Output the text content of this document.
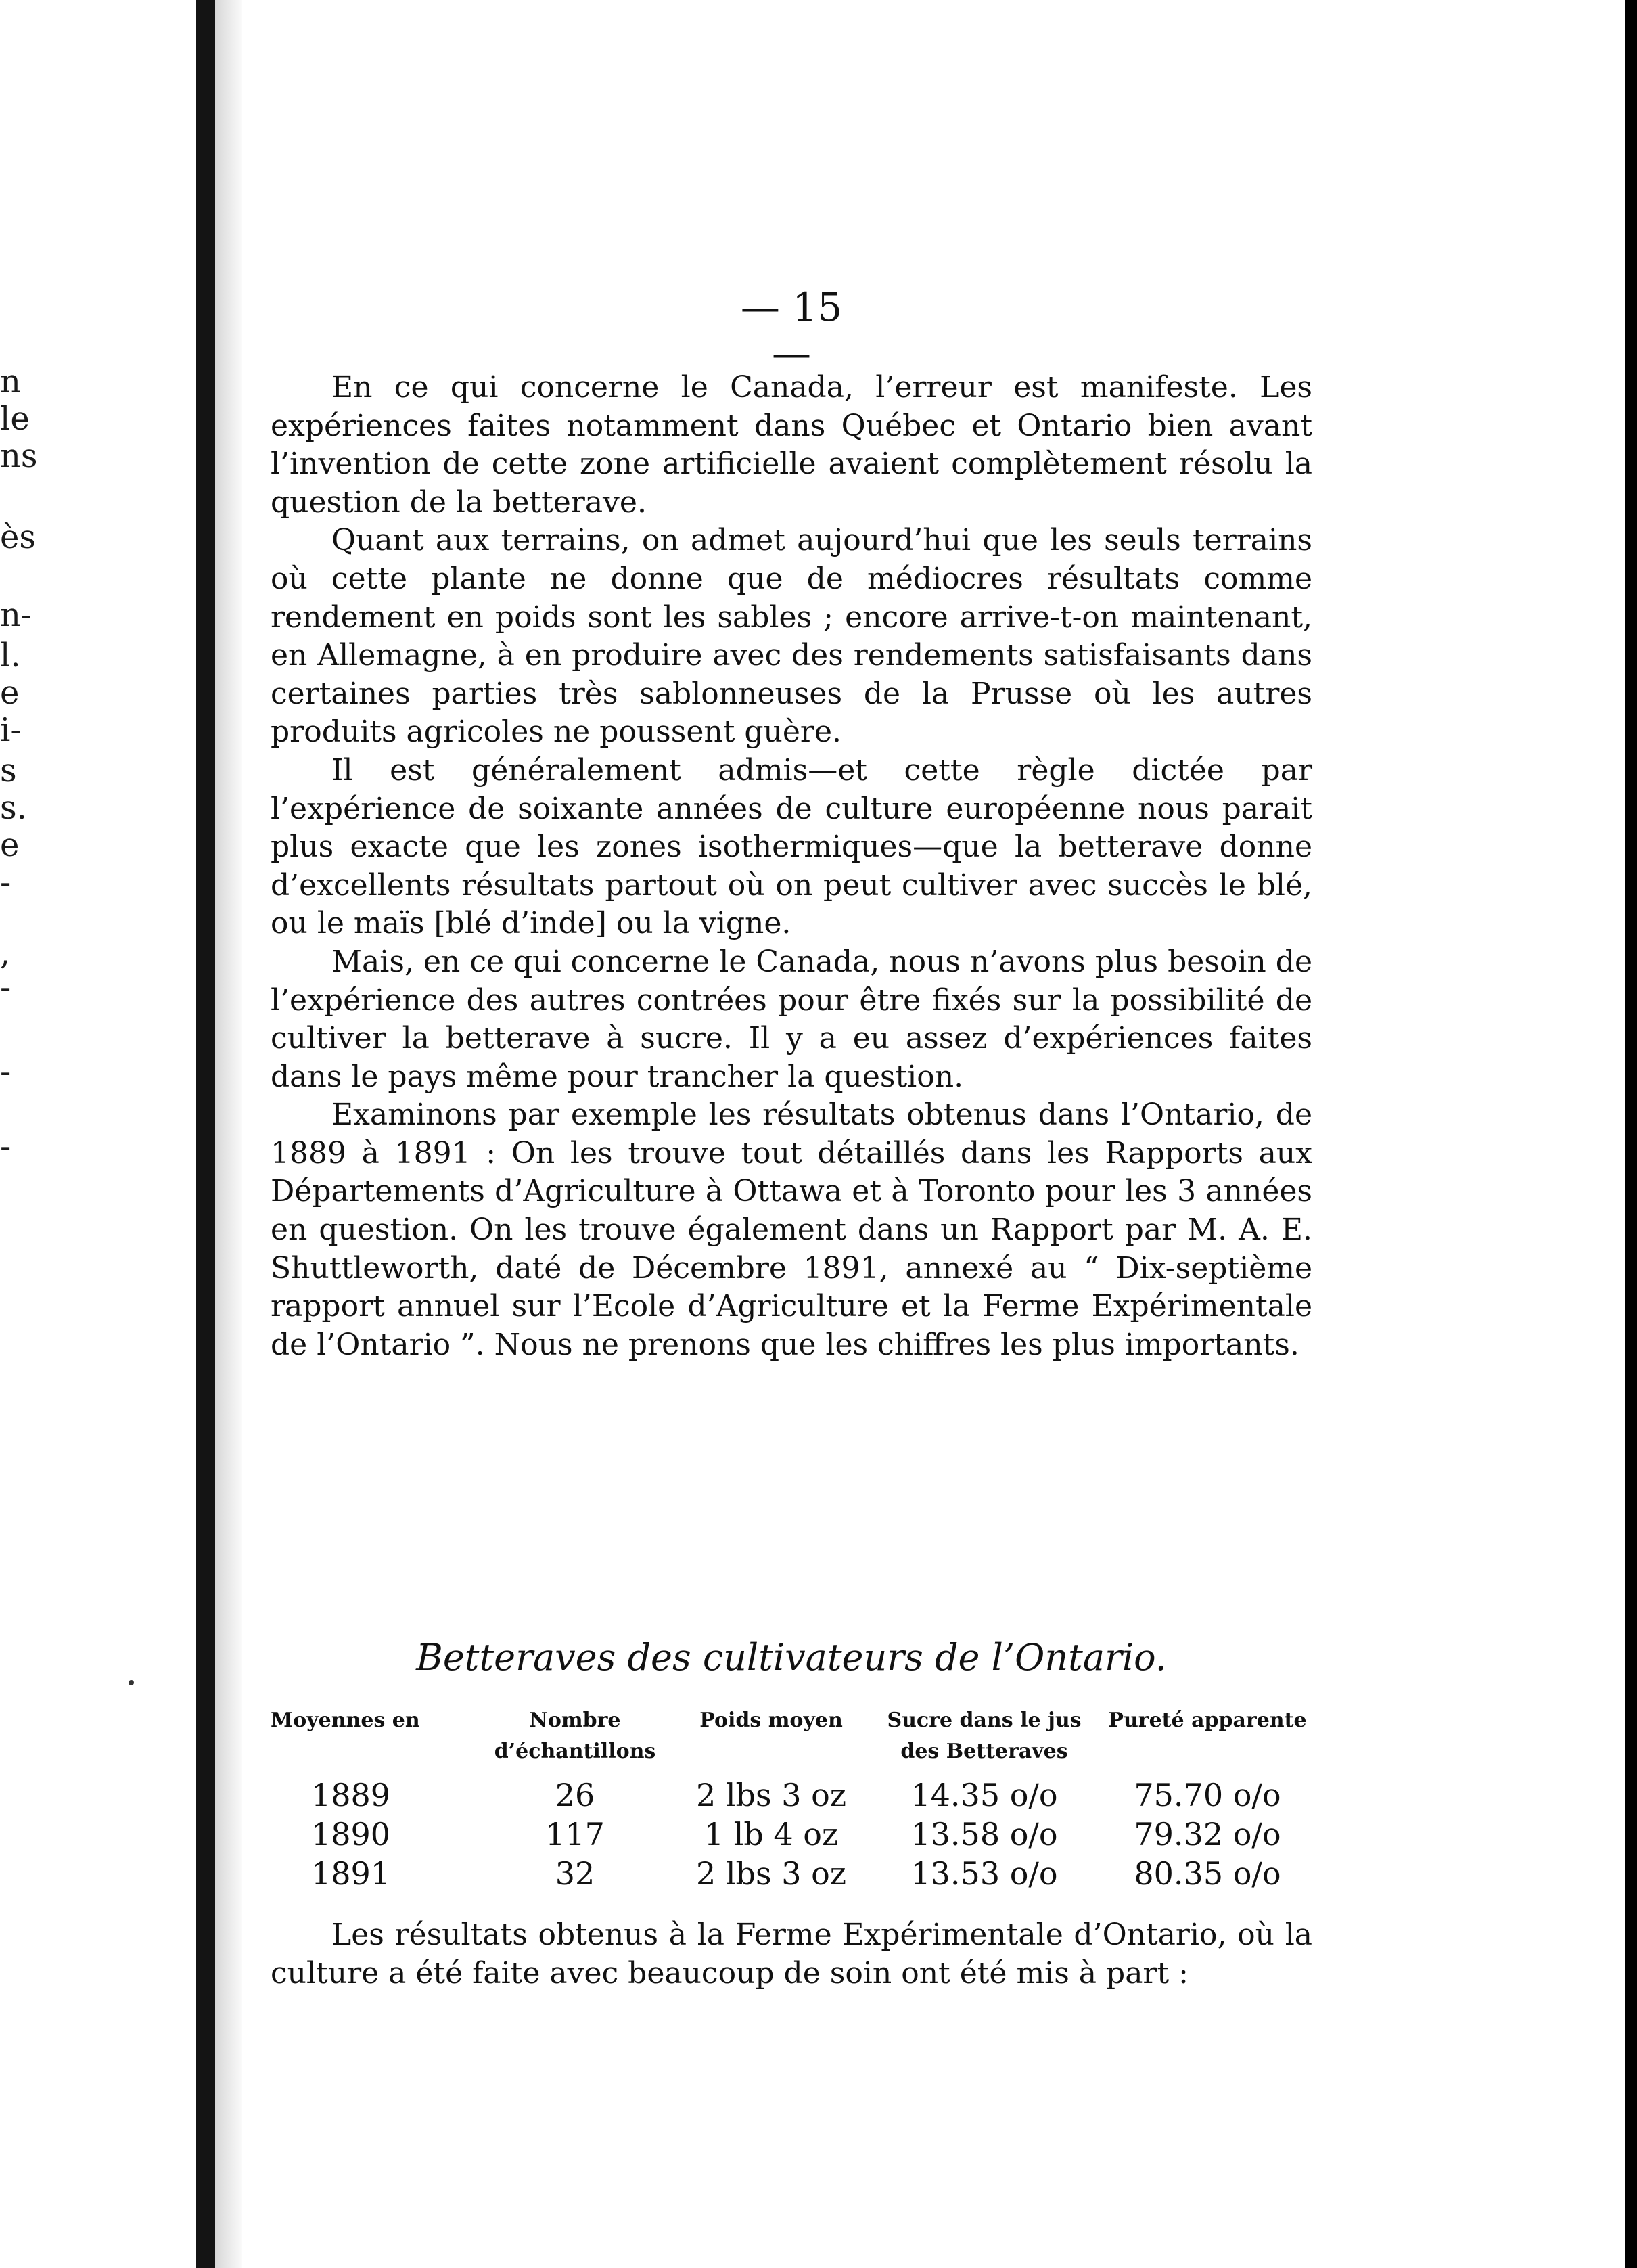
n
le
ns
ès
n-
l.
e
i-
s
s.
e
-
,
-
-
-
— 15 —

En ce qui concerne le Canada, l’erreur est manifeste. Les expériences faites notamment dans Québec et Ontario bien avant l’invention de cette zone artificielle avaient complètement résolu la question de la betterave.

Quant aux terrains, on admet aujourd’hui que les seuls terrains où cette plante ne donne que de médiocres résultats comme rendement en poids sont les sables ; encore arrive-t-on maintenant, en Allemagne, à en produire avec des rendements satisfaisants dans certaines parties très sablonneuses de la Prusse où les autres produits agricoles ne poussent guère.

Il est généralement admis—et cette règle dictée par l’expérience de soixante années de culture européenne nous parait plus exacte que les zones isothermiques—que la betterave donne d’excellents résultats partout où on peut cultiver avec succès le blé, ou le maïs [blé d’inde] ou la vigne.

Mais, en ce qui concerne le Canada, nous n’avons plus besoin de l’expérience des autres contrées pour être fixés sur la possibilité de cultiver la betterave à sucre. Il y a eu assez d’expériences faites dans le pays même pour trancher la question.

Examinons par exemple les résultats obtenus dans l’Ontario, de 1889 à 1891 : On les trouve tout détaillés dans les Rapports aux Départements d’Agriculture à Ottawa et à Toronto pour les 3 années en question. On les trouve également dans un Rapport par M. A. E. Shuttleworth, daté de Décembre 1891, annexé au “ Dix-septième rapport annuel sur l’Ecole d’Agriculture et la Ferme Expérimentale de l’Ontario ”. Nous ne prenons que les chiffres les plus importants.

Betteraves des cultivateurs de l’Ontario.
Moyennes en	Nombre d’échantillons	Poids moyen	Sucre dans le jus des Betteraves	Pureté apparente
1889	26	2 lbs 3 oz	14.35 o/o	75.70 o/o
1890	117	1 lb 4 oz	13.58 o/o	79.32 o/o
1891	32	2 lbs 3 oz	13.53 o/o	80.35 o/o

Les résultats obtenus à la Ferme Expérimentale d’Ontario, où la culture a été faite avec beaucoup de soin ont été mis à part :
